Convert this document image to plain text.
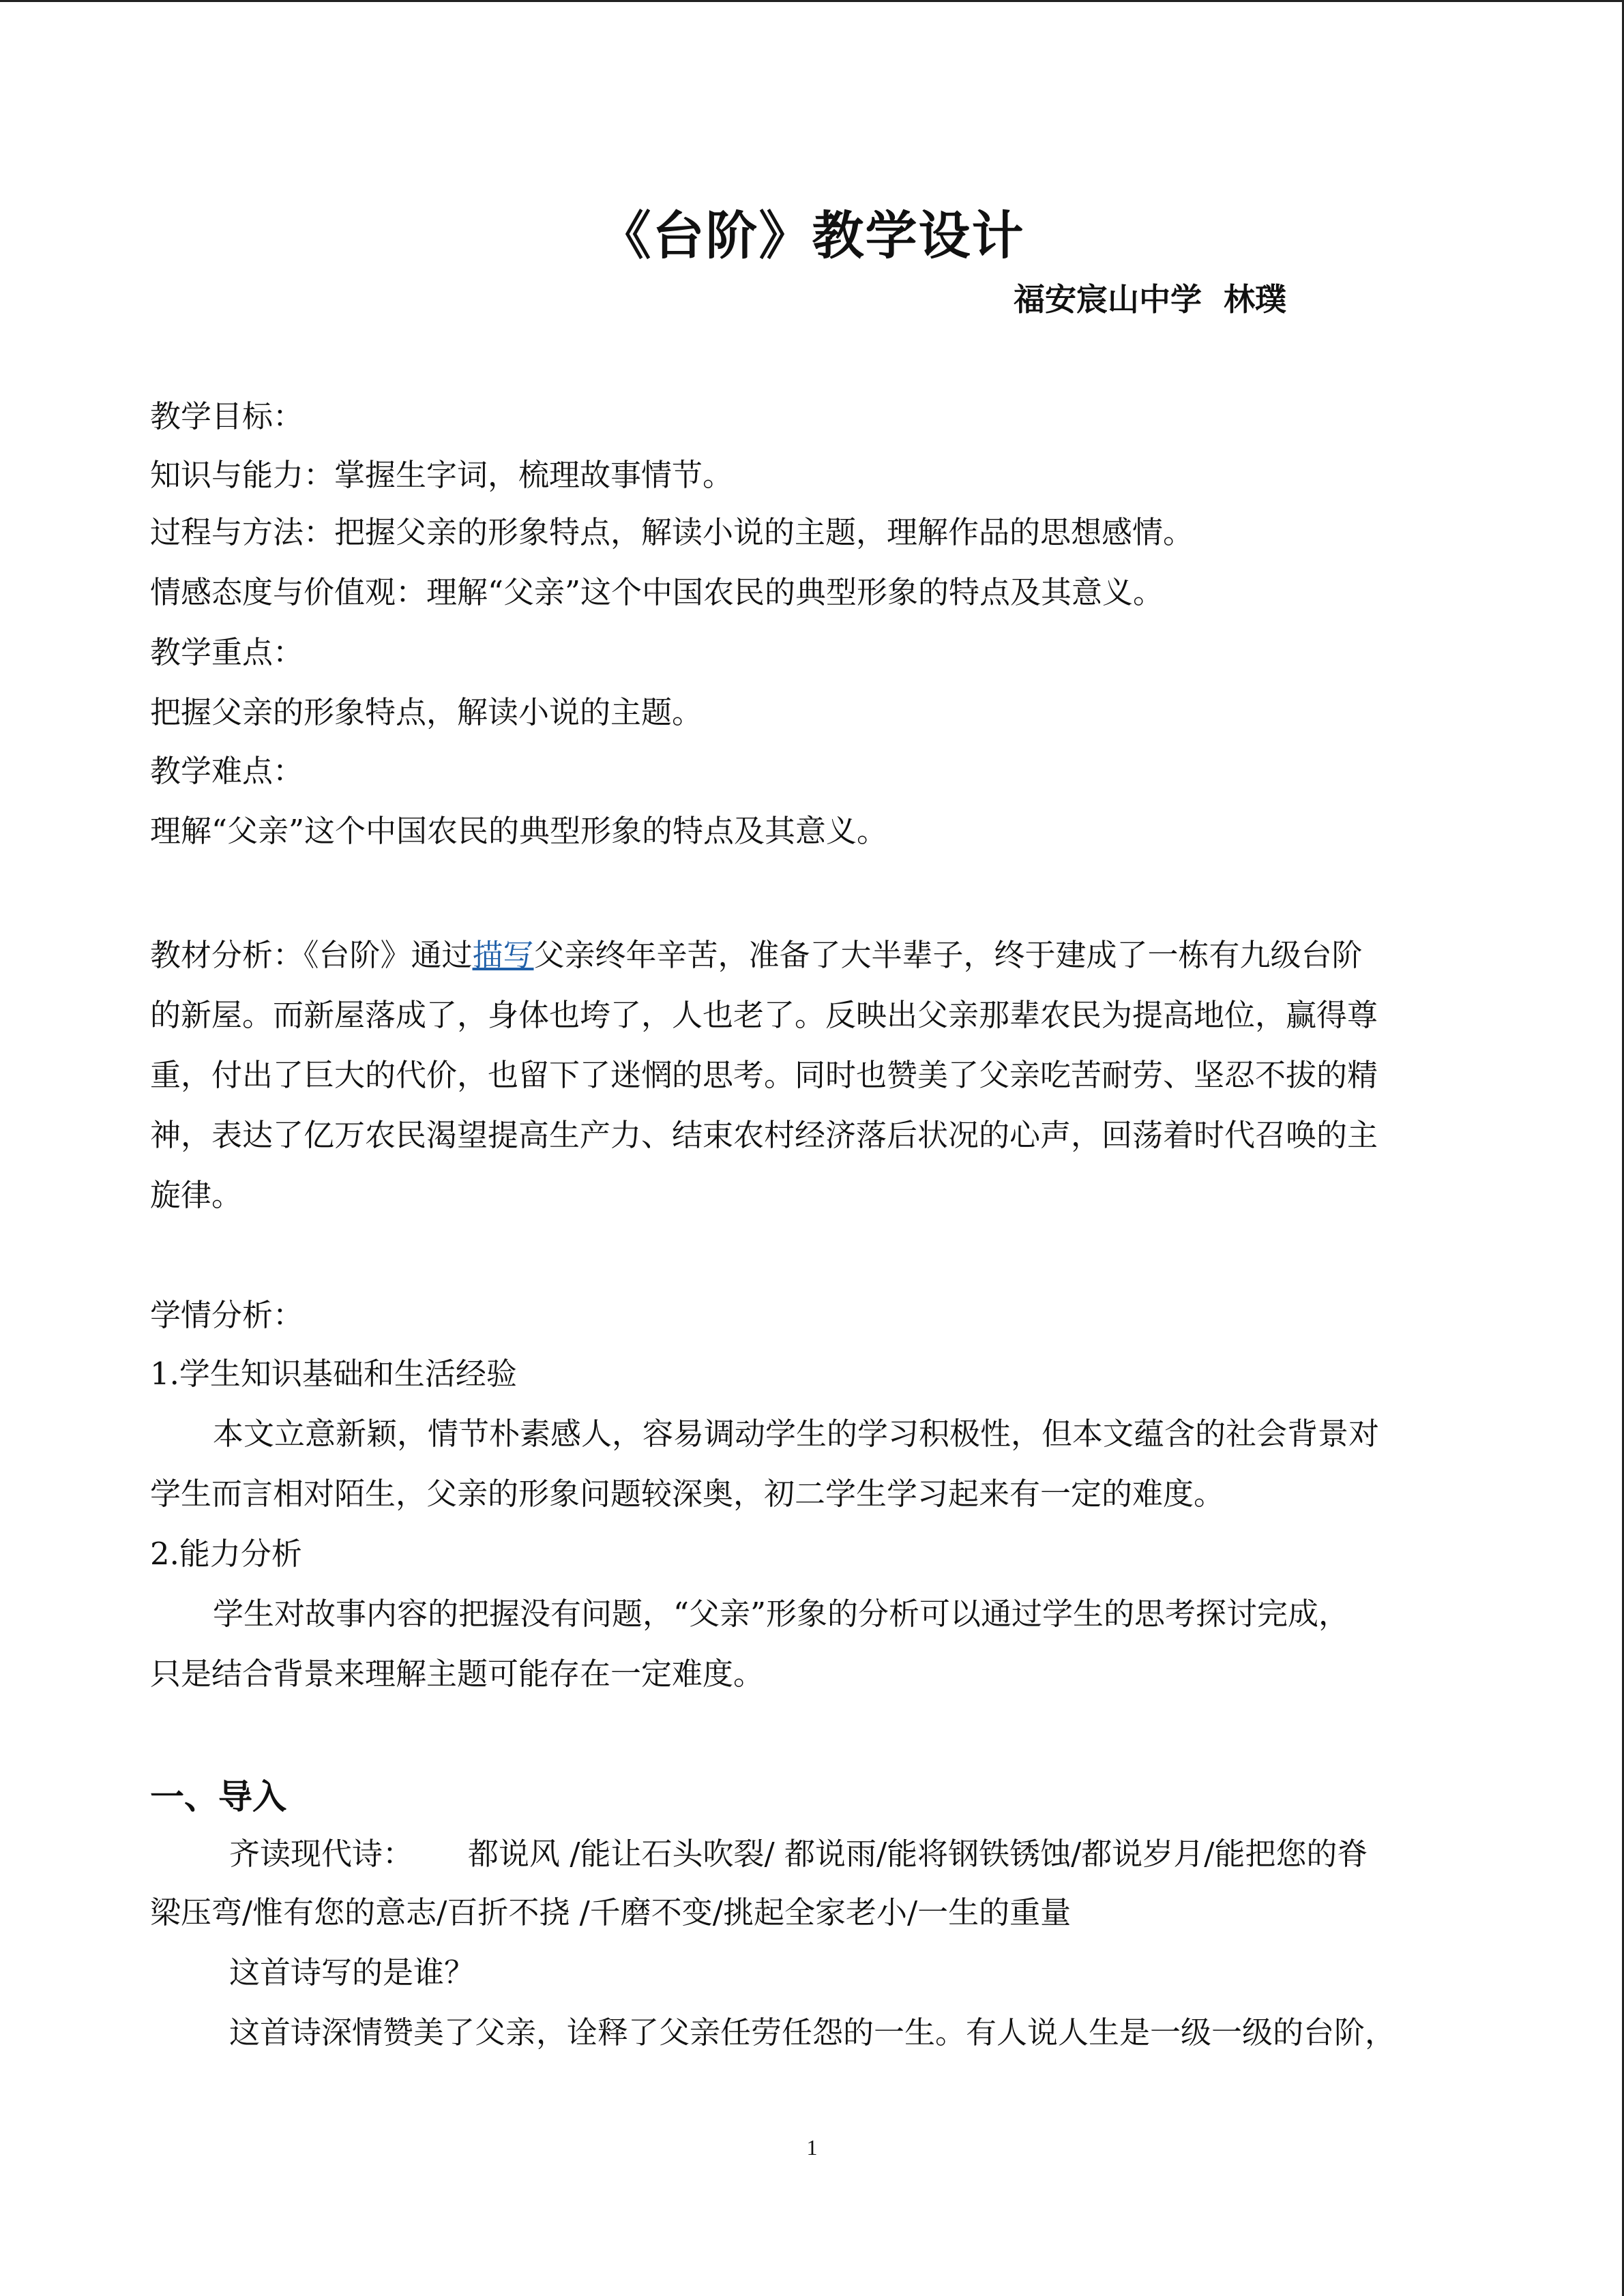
《台阶》教学设计
福安宸山中学  林璞
教学目标：
知识与能力：掌握生字词，梳理故事情节。
过程与方法：把握父亲的形象特点，解读小说的主题，理解作品的思想感情。
情感态度与价值观：理解“父亲”这个中国农民的典型形象的特点及其意义。
教学重点：
把握父亲的形象特点，解读小说的主题。
教学难点：
理解“父亲”这个中国农民的典型形象的特点及其意义。
教材分析：《台阶》通过描写父亲终年辛苦，准备了大半辈子，终于建成了一栋有九级台阶
的新屋。而新屋落成了，身体也垮了，人也老了。反映出父亲那辈农民为提高地位，赢得尊
重，付出了巨大的代价，也留下了迷惘的思考。同时也赞美了父亲吃苦耐劳、坚忍不拔的精
神，表达了亿万农民渴望提高生产力、结束农村经济落后状况的心声，回荡着时代召唤的主
旋律。
学情分析：
1.学生知识基础和生活经验
本文立意新颖，情节朴素感人，容易调动学生的学习积极性，但本文蕴含的社会背景对
学生而言相对陌生，父亲的形象问题较深奥，初二学生学习起来有一定的难度。
2.能力分析
学生对故事内容的把握没有问题，“父亲”形象的分析可以通过学生的思考探讨完成，
只是结合背景来理解主题可能存在一定难度。
一、导入
齐读现代诗： 都说风 /能让石头吹裂/ 都说雨/能将钢铁锈蚀/都说岁月/能把您的脊
梁压弯/惟有您的意志/百折不挠 /千磨不变/挑起全家老小/一生的重量
这首诗写的是谁？
这首诗深情赞美了父亲，诠释了父亲任劳任怨的一生。有人说人生是一级一级的台阶，
1
